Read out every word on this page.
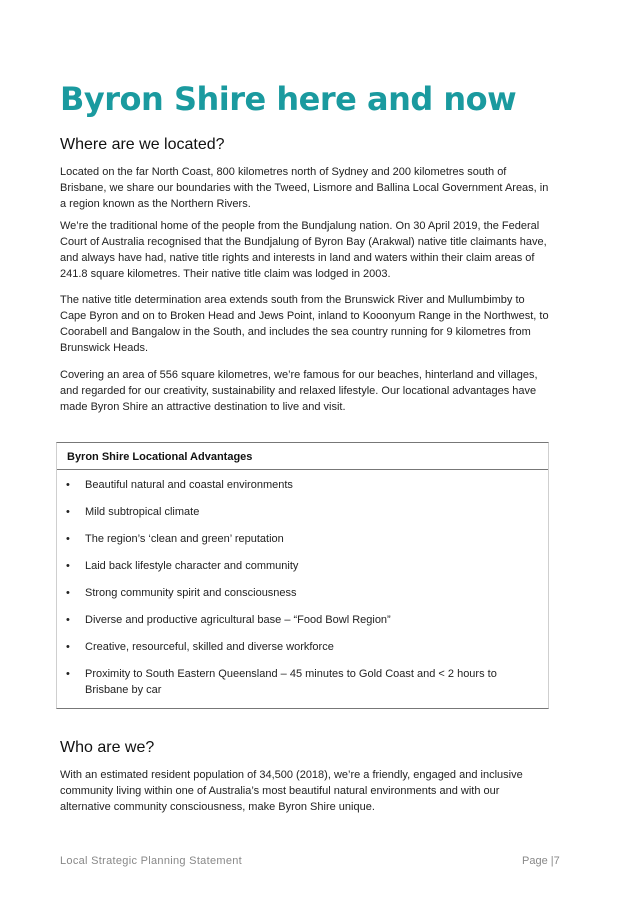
Byron Shire here and now
Where are we located?

Located on the far North Coast, 800 kilometres north of Sydney and 200 kilometres south of Brisbane, we share our boundaries with the Tweed, Lismore and Ballina Local Government Areas, in a region known as the Northern Rivers.

We’re the traditional home of the people from the Bundjalung nation. On 30 April 2019, the Federal Court of Australia recognised that the Bundjalung of Byron Bay (Arakwal) native title claimants have, and always have had, native title rights and interests in land and waters within their claim areas of 241.8 square kilometres. Their native title claim was lodged in 2003.

The native title determination area extends south from the Brunswick River and Mullumbimby to Cape Byron and on to Broken Head and Jews Point, inland to Kooonyum Range in the Northwest, to Coorabell and Bangalow in the South, and includes the sea country running for 9 kilometres from Brunswick Heads.

Covering an area of 556 square kilometres, we’re famous for our beaches, hinterland and villages, and regarded for our creativity, sustainability and relaxed lifestyle. Our locational advantages have made Byron Shire an attractive destination to live and visit.

Byron Shire Locational Advantages
• Beautiful natural and coastal environments
• Mild subtropical climate
• The region’s ‘clean and green’ reputation
• Laid back lifestyle character and community
• Strong community spirit and consciousness
• Diverse and productive agricultural base – “Food Bowl Region”
• Creative, resourceful, skilled and diverse workforce
• Proximity to South Eastern Queensland – 45 minutes to Gold Coast and < 2 hours to Brisbane by car
Who are we?

With an estimated resident population of 34,500 (2018), we’re a friendly, engaged and inclusive community living within one of Australia’s most beautiful natural environments and with our alternative community consciousness, make Byron Shire unique.

Local Strategic Planning Statement	Page |7
